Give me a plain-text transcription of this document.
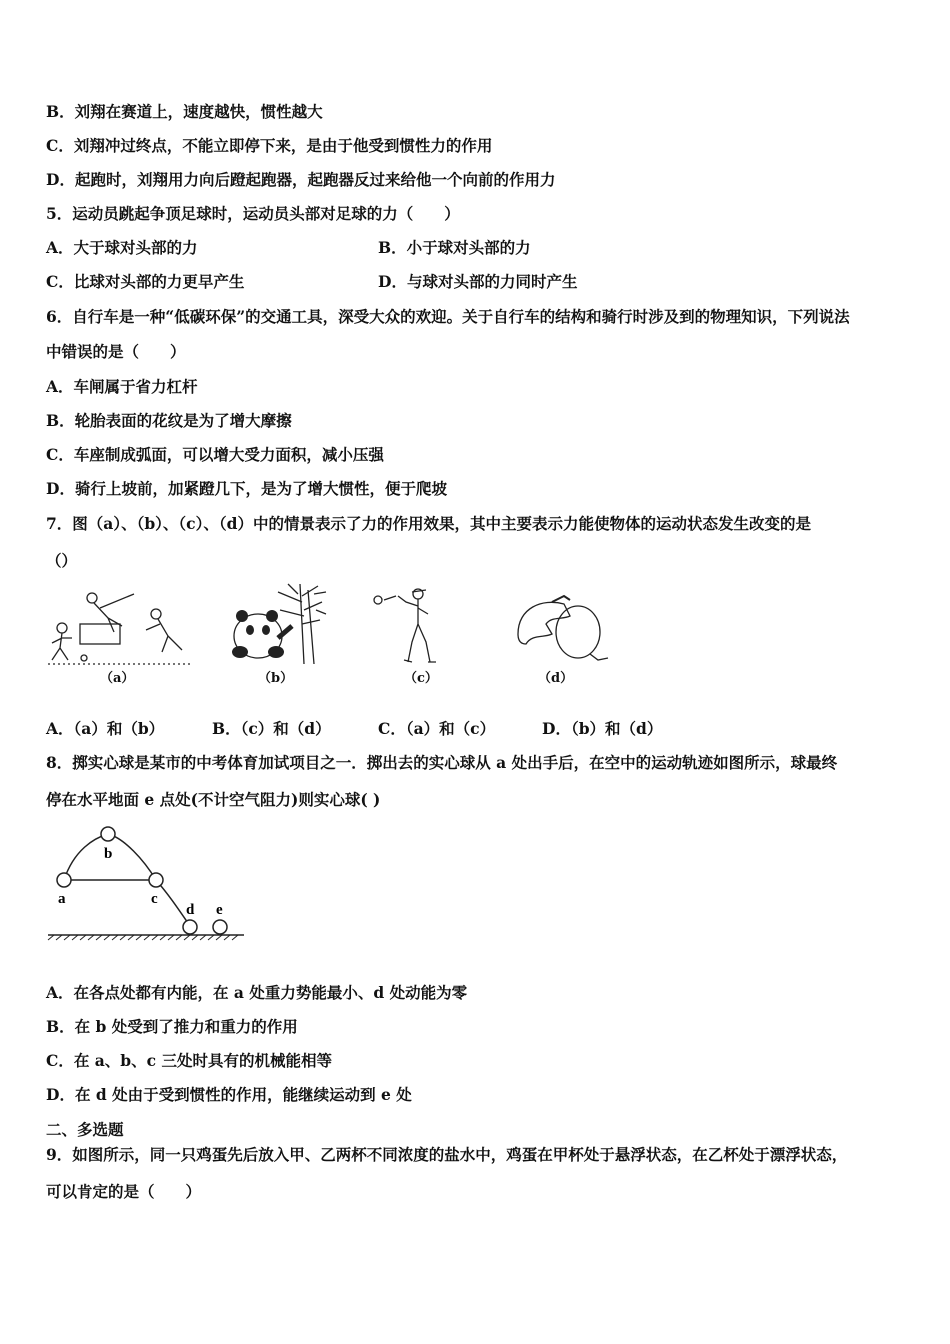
B．刘翔在赛道上，速度越快，惯性越大
C．刘翔冲过终点，不能立即停下来，是由于他受到惯性力的作用
D．起跑时，刘翔用力向后蹬起跑器，起跑器反过来给他一个向前的作用力
5．运动员跳起争顶足球时，运动员头部对足球的力（　　）
A．大于球对头部的力	B．小于球对头部的力
C．比球对头部的力更早产生	D．与球对头部的力同时产生
6．自行车是一种“低碳环保”的交通工具，深受大众的欢迎。关于自行车的结构和骑行时涉及到的物理知识，下列说法
中错误的是（　　）
A．车闸属于省力杠杆
B．轮胎表面的花纹是为了增大摩擦
C．车座制成弧面，可以增大受力面积，减小压强
D．骑行上坡前，加紧蹬几下，是为了增大惯性，便于爬坡
7．图（a）、（b）、（c）、（d）中的情景表示了力的作用效果，其中主要表示力能使物体的运动状态发生改变的是
（）
（a）	（b）	（c）	（d）
A．（a）和（b）	B．（c）和（d）	C．（a）和（c）	D．（b）和（d）
8．掷实心球是某市的中考体育加试项目之一．掷出去的实心球从 a 处出手后，在空中的运动轨迹如图所示，球最终
停在水平地面 e 点处(不计空气阻力)则实心球( )
a
b
c
d e
A．在各点处都有内能，在 a 处重力势能最小、d 处动能为零
B．在 b 处受到了推力和重力的作用
C．在 a、b、c 三处时具有的机械能相等
D．在 d 处由于受到惯性的作用，能继续运动到 e 处
二、多选题
9．如图所示，同一只鸡蛋先后放入甲、乙两杯不同浓度的盐水中，鸡蛋在甲杯处于悬浮状态，在乙杯处于漂浮状态，
可以肯定的是（　　）
